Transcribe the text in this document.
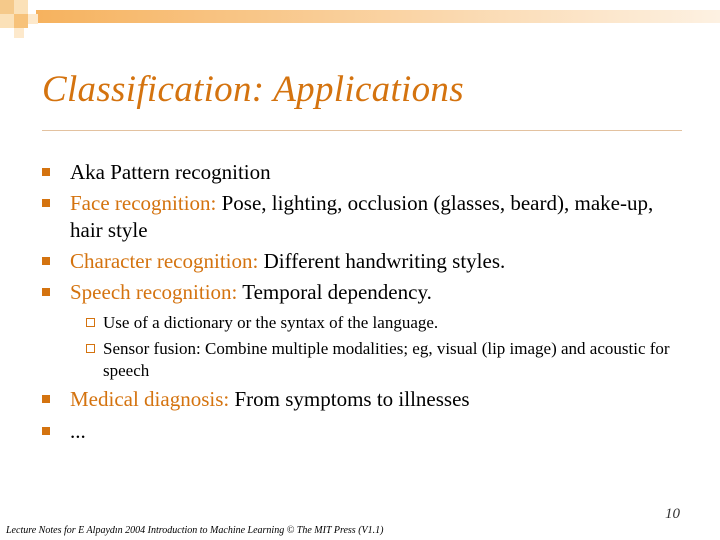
Classification: Applications
Aka Pattern recognition
Face recognition: Pose, lighting, occlusion (glasses, beard), make-up, hair style
Character recognition: Different handwriting styles.
Speech recognition: Temporal dependency.
Use of a dictionary or the syntax of the language.
Sensor fusion: Combine multiple modalities; eg, visual (lip image) and acoustic for speech
Medical diagnosis: From symptoms to illnesses
...
10
Lecture Notes for E Alpaydın 2004 Introduction to Machine Learning © The MIT Press (V1.1)
